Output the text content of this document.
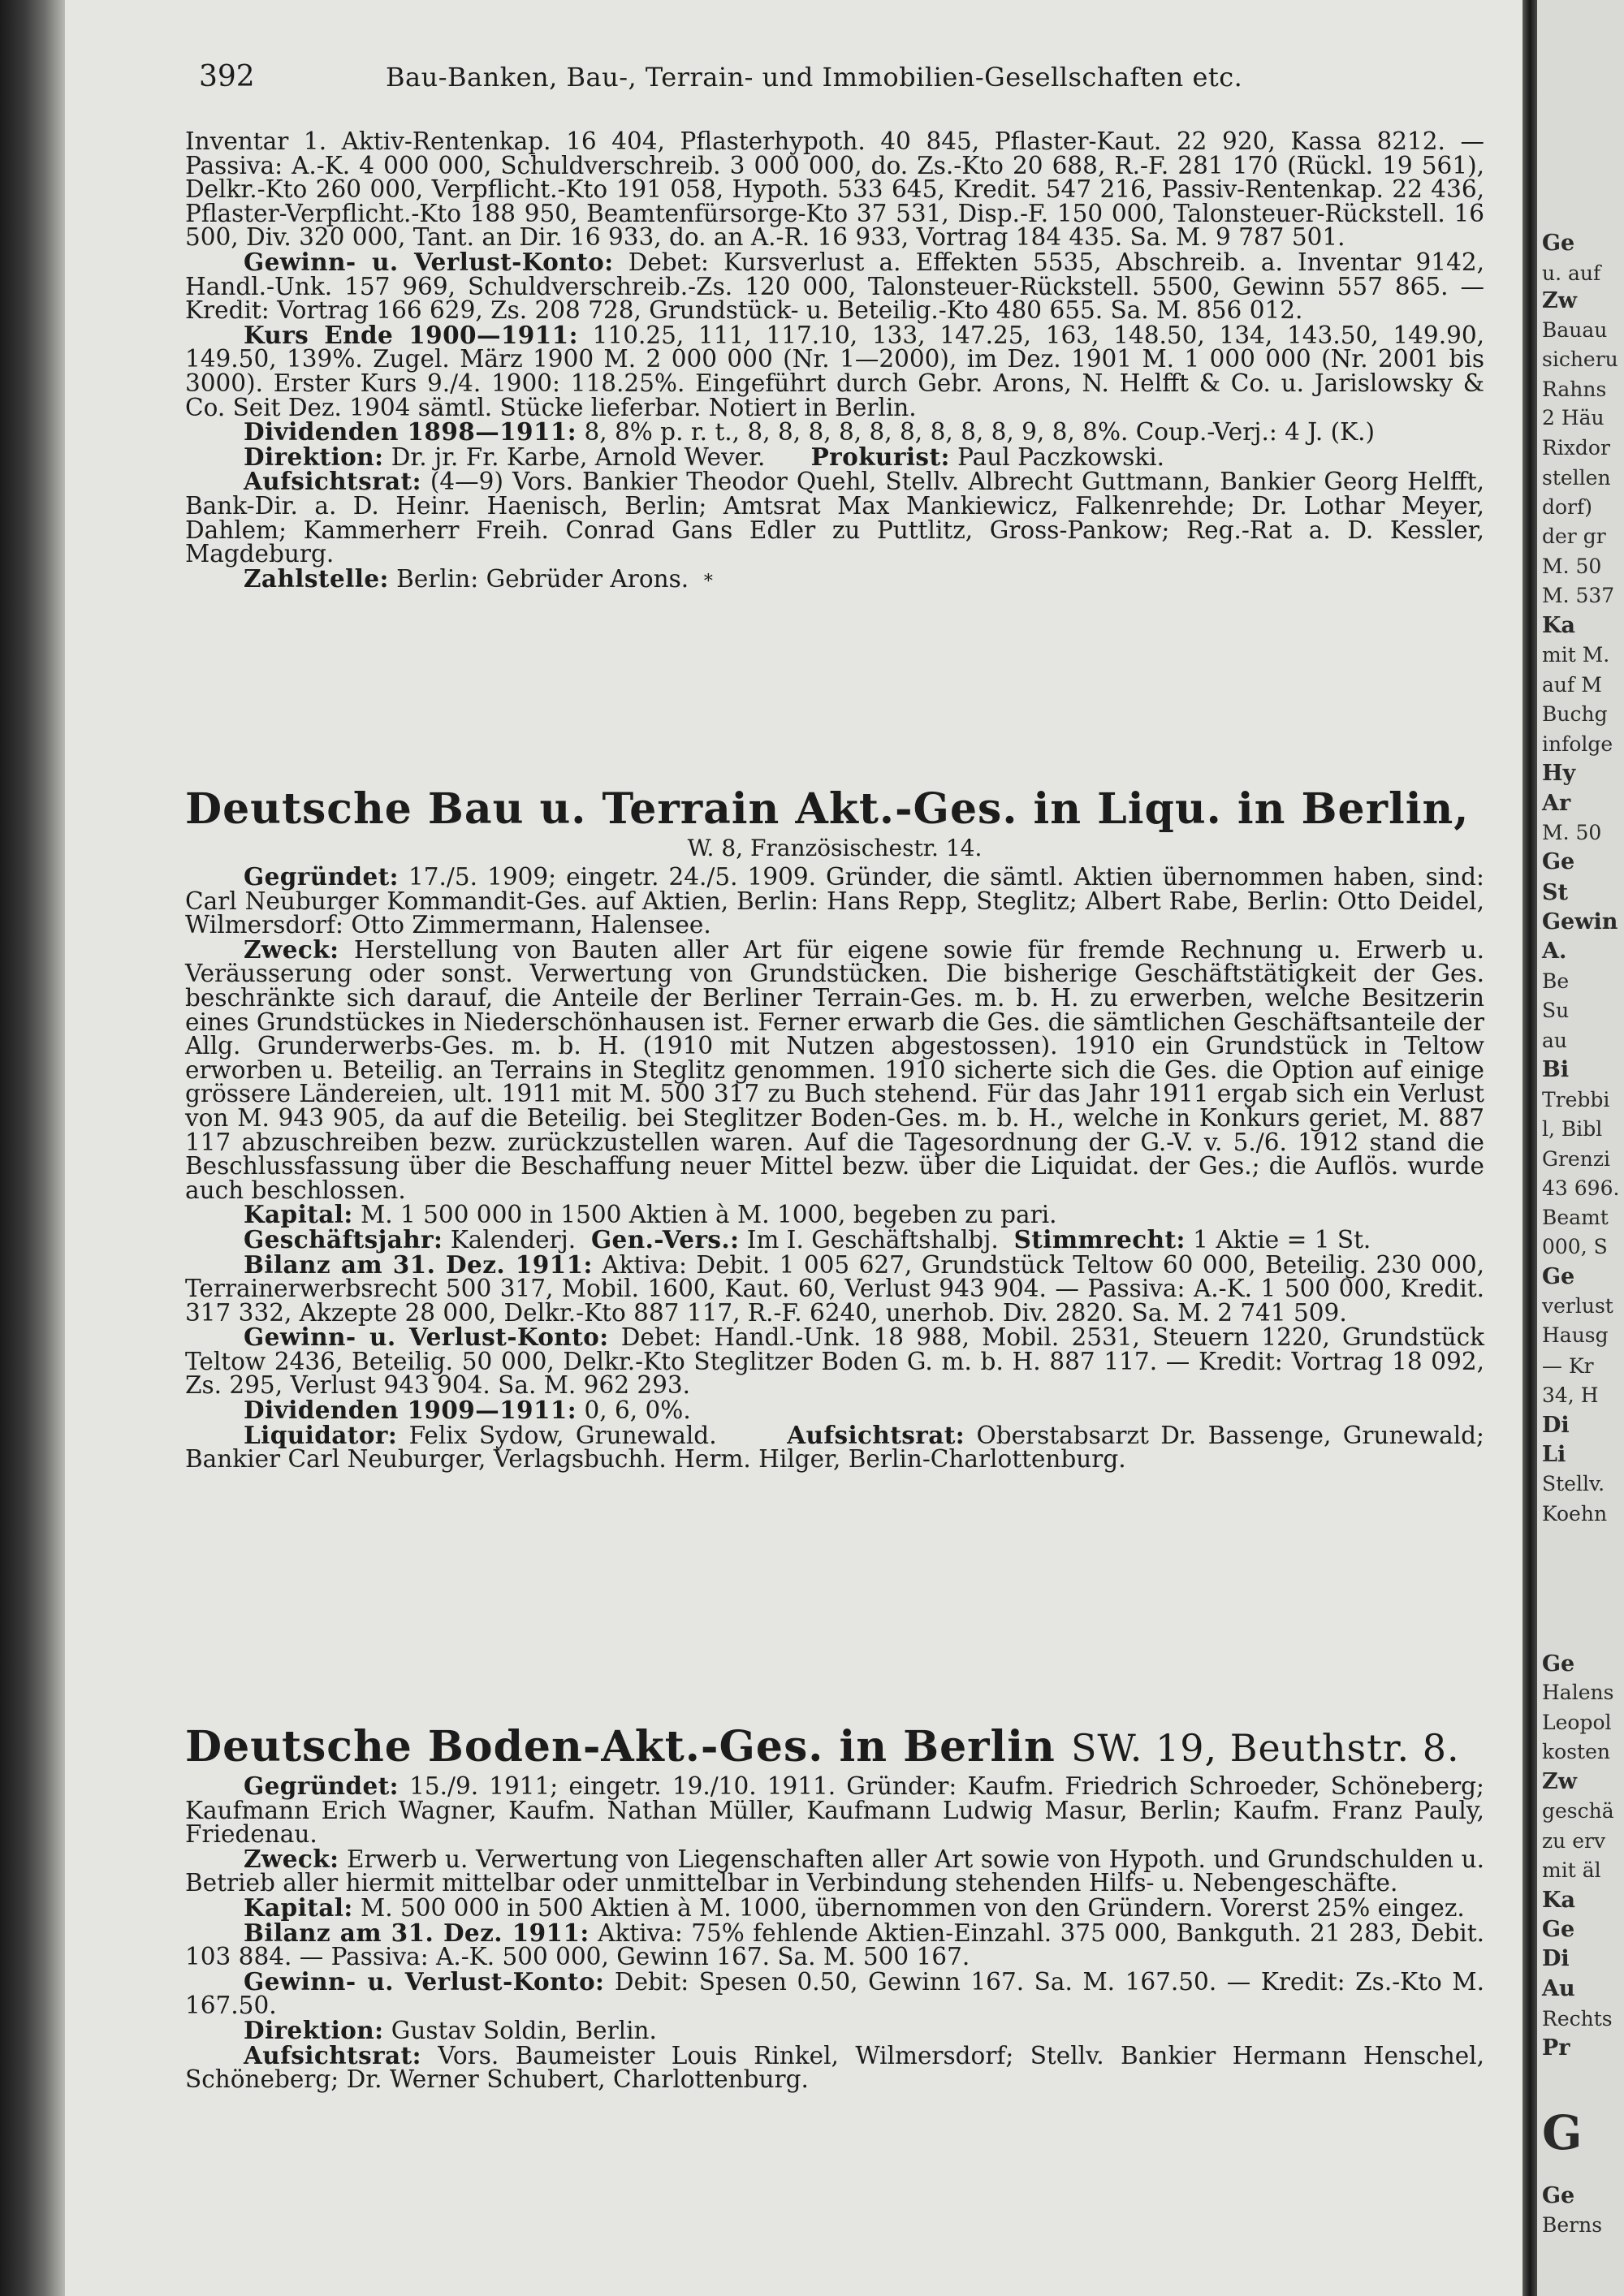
Ge
u. auf
Zw
Bauau
sicheru
Rahns
2 Häu
Rixdor
stellen
dorf)
der gr
M. 50
M. 537
Ka
mit M.
auf M
Buchg
infolge
Hy
Ar
M. 50
Ge
St
Gewin
A.
Be
Su
au
Bi
Trebbi
l, Bibl
Grenzi
43 696.
Beamt
000, S
Ge
verlust
Hausg
— Kr
34, H
Di
Li
Stellv.
Koehn
Ge
Halens
Leopol
kosten
Zw
geschä
zu erv
mit äl
Ka
Ge
Di
Au
Rechts
Pr
G
Ge
Berns
392	Bau-Banken, Bau-, Terrain- und Immobilien-Gesellschaften etc.

Inventar 1. Aktiv-Rentenkap. 16 404, Pflasterhypoth. 40 845, Pflaster-Kaut. 22 920, Kassa 8212. — Passiva: A.-K. 4 000 000, Schuldverschreib. 3 000 000, do. Zs.-Kto 20 688, R.-F. 281 170 (Rückl. 19 561), Delkr.-Kto 260 000, Verpflicht.-Kto 191 058, Hypoth. 533 645, Kredit. 547 216, Passiv-Rentenkap. 22 436, Pflaster-Verpflicht.-Kto 188 950, Beamtenfürsorge-Kto 37 531, Disp.-F. 150 000, Talonsteuer-Rückstell. 16 500, Div. 320 000, Tant. an Dir. 16 933, do. an A.-R. 16 933, Vortrag 184 435. Sa. M. 9 787 501.

Gewinn- u. Verlust-Konto: Debet: Kursverlust a. Effekten 5535, Abschreib. a. Inventar 9142, Handl.-Unk. 157 969, Schuldverschreib.-Zs. 120 000, Talonsteuer-Rückstell. 5500, Gewinn 557 865. — Kredit: Vortrag 166 629, Zs. 208 728, Grundstück- u. Beteilig.-Kto 480 655. Sa. M. 856 012.

Kurs Ende 1900—1911: 110.25, 111, 117.10, 133, 147.25, 163, 148.50, 134, 143.50, 149.90, 149.50, 139%. Zugel. März 1900 M. 2 000 000 (Nr. 1—2000), im Dez. 1901 M. 1 000 000 (Nr. 2001 bis 3000). Erster Kurs 9./4. 1900: 118.25%. Eingeführt durch Gebr. Arons, N. Helfft & Co. u. Jarislowsky & Co. Seit Dez. 1904 sämtl. Stücke lieferbar. Notiert in Berlin.

Dividenden 1898—1911: 8, 8% p. r. t., 8, 8, 8, 8, 8, 8, 8, 8, 8, 9, 8, 8%. Coup.-Verj.: 4 J. (K.)

Direktion: Dr. jr. Fr. Karbe, Arnold Wever. Prokurist: Paul Paczkowski.

Aufsichtsrat: (4—9) Vors. Bankier Theodor Quehl, Stellv. Albrecht Guttmann, Bankier Georg Helfft, Bank-Dir. a. D. Heinr. Haenisch, Berlin; Amtsrat Max Mankiewicz, Falkenrehde; Dr. Lothar Meyer, Dahlem; Kammerherr Freih. Conrad Gans Edler zu Puttlitz, Gross-Pankow; Reg.-Rat a. D. Kessler, Magdeburg.

Zahlstelle: Berlin: Gebrüder Arons. *

Deutsche Bau u. Terrain Akt.-Ges. in Liqu. in Berlin,

W. 8, Französischestr. 14.

Gegründet: 17./5. 1909; eingetr. 24./5. 1909. Gründer, die sämtl. Aktien übernommen haben, sind: Carl Neuburger Kommandit-Ges. auf Aktien, Berlin: Hans Repp, Steglitz; Albert Rabe, Berlin: Otto Deidel, Wilmersdorf: Otto Zimmermann, Halensee.

Zweck: Herstellung von Bauten aller Art für eigene sowie für fremde Rechnung u. Erwerb u. Veräusserung oder sonst. Verwertung von Grundstücken. Die bisherige Geschäftstätigkeit der Ges. beschränkte sich darauf, die Anteile der Berliner Terrain-Ges. m. b. H. zu erwerben, welche Besitzerin eines Grundstückes in Niederschönhausen ist. Ferner erwarb die Ges. die sämtlichen Geschäftsanteile der Allg. Grunderwerbs-Ges. m. b. H. (1910 mit Nutzen abgestossen). 1910 ein Grundstück in Teltow erworben u. Beteilig. an Terrains in Steglitz genommen. 1910 sicherte sich die Ges. die Option auf einige grössere Ländereien, ult. 1911 mit M. 500 317 zu Buch stehend. Für das Jahr 1911 ergab sich ein Verlust von M. 943 905, da auf die Beteilig. bei Steglitzer Boden-Ges. m. b. H., welche in Konkurs geriet, M. 887 117 abzuschreiben bezw. zurückzustellen waren. Auf die Tagesordnung der G.-V. v. 5./6. 1912 stand die Beschlussfassung über die Beschaffung neuer Mittel bezw. über die Liquidat. der Ges.; die Auflös. wurde auch beschlossen.

Kapital: M. 1 500 000 in 1500 Aktien à M. 1000, begeben zu pari.

Geschäftsjahr: Kalenderj. Gen.-Vers.: Im I. Geschäftshalbj. Stimmrecht: 1 Aktie = 1 St.

Bilanz am 31. Dez. 1911: Aktiva: Debit. 1 005 627, Grundstück Teltow 60 000, Beteilig. 230 000, Terrainerwerbsrecht 500 317, Mobil. 1600, Kaut. 60, Verlust 943 904. — Passiva: A.-K. 1 500 000, Kredit. 317 332, Akzepte 28 000, Delkr.-Kto 887 117, R.-F. 6240, unerhob. Div. 2820. Sa. M. 2 741 509.

Gewinn- u. Verlust-Konto: Debet: Handl.-Unk. 18 988, Mobil. 2531, Steuern 1220, Grundstück Teltow 2436, Beteilig. 50 000, Delkr.-Kto Steglitzer Boden G. m. b. H. 887 117. — Kredit: Vortrag 18 092, Zs. 295, Verlust 943 904. Sa. M. 962 293.

Dividenden 1909—1911: 0, 6, 0%.

Liquidator: Felix Sydow, Grunewald.	Aufsichtsrat: Oberstabsarzt Dr. Bassenge, Grunewald; Bankier Carl Neuburger, Verlagsbuchh. Herm. Hilger, Berlin-Charlottenburg.

Deutsche Boden-Akt.-Ges. in Berlin SW. 19, Beuthstr. 8.

Gegründet: 15./9. 1911; eingetr. 19./10. 1911. Gründer: Kaufm. Friedrich Schroeder, Schöneberg; Kaufmann Erich Wagner, Kaufm. Nathan Müller, Kaufmann Ludwig Masur, Berlin; Kaufm. Franz Pauly, Friedenau.

Zweck: Erwerb u. Verwertung von Liegenschaften aller Art sowie von Hypoth. und Grundschulden u. Betrieb aller hiermit mittelbar oder unmittelbar in Verbindung stehenden Hilfs- u. Nebengeschäfte.

Kapital: M. 500 000 in 500 Aktien à M. 1000, übernommen von den Gründern. Vorerst 25% eingez.

Bilanz am 31. Dez. 1911: Aktiva: 75% fehlende Aktien-Einzahl. 375 000, Bankguth. 21 283, Debit. 103 884. — Passiva: A.-K. 500 000, Gewinn 167. Sa. M. 500 167.

Gewinn- u. Verlust-Konto: Debit: Spesen 0.50, Gewinn 167. Sa. M. 167.50. — Kredit: Zs.-Kto M. 167.50.

Direktion: Gustav Soldin, Berlin.

Aufsichtsrat: Vors. Baumeister Louis Rinkel, Wilmersdorf; Stellv. Bankier Hermann Henschel, Schöneberg; Dr. Werner Schubert, Charlottenburg.
